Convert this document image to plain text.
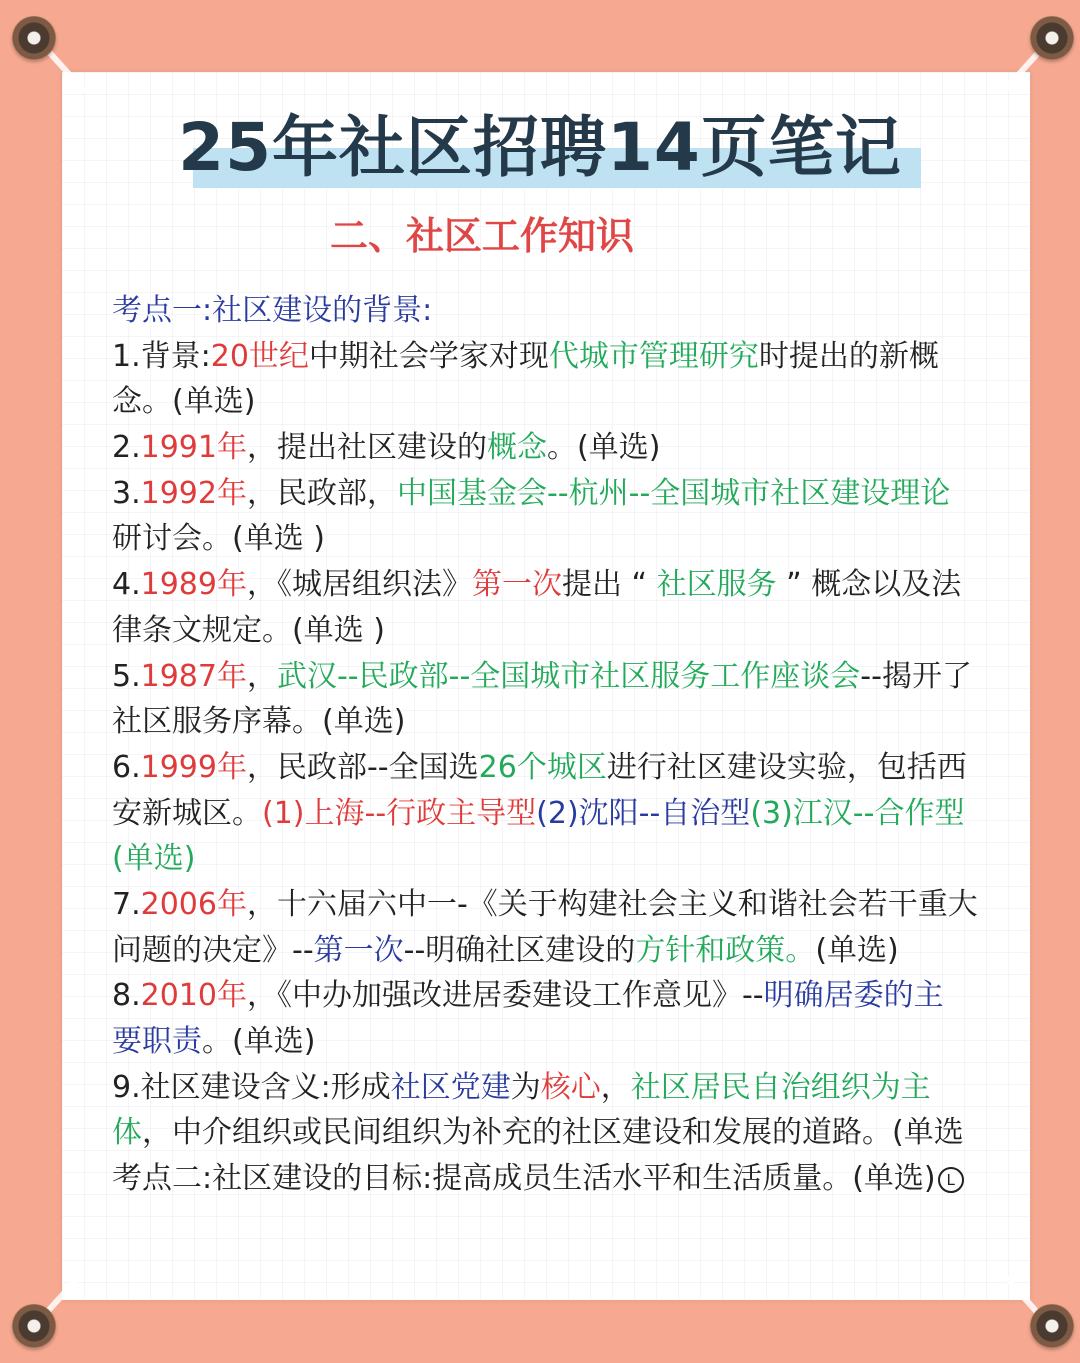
25年社区招聘14页笔记
二、社区工作知识
考点一:社区建设的背景:
1.背景:20世纪中期社会学家对现代城市管理研究时提出的新概
念。(单选)
2.1991年，提出社区建设的概念。(单选)
3.1992年，民政部，中国基金会--杭州--全国城市社区建设理论
研讨会。(单选 )
4.1989年，《城居组织法》第一次提出 “ 社区服务 ” 概念以及法
律条文规定。(单选 )
5.1987年，武汉--民政部--全国城市社区服务工作座谈会--揭开了
社区服务序幕。(单选)
6.1999年，民政部--全国选26个城区进行社区建设实验，包括西
安新城区。(1)上海--行政主导型(2)沈阳--自治型(3)江汉--合作型
(单选)
7.2006年，十六届六中一-《关于构建社会主义和谐社会若干重大
问题的决定》--第一次--明确社区建设的方针和政策。(单选)
8.2010年，《中办加强改进居委建设工作意见》--明确居委的主
要职责。(单选)
9.社区建设含义:形成社区党建为核心，社区居民自治组织为主
体，中介组织或民间组织为补充的社区建设和发展的道路。(单选
考点二:社区建设的目标:提高成员生活水平和生活质量。(单选) L
